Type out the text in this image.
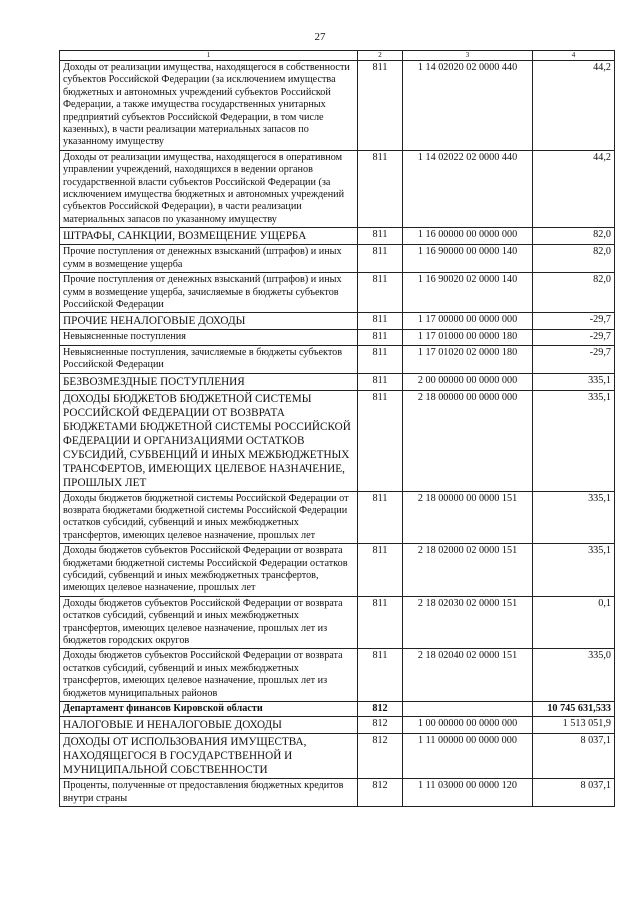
27
1	2	3	4
Доходы от реализации имущества, находящегося в собственности субъектов Российской Федерации (за исключением имущества бюджетных и автономных учреждений субъектов Российской Федерации, а также имущества государственных унитарных предприятий субъектов Российской Федерации, в том числе казенных), в части реализации материальных запасов по указанному имуществу	811	1 14 02020 02 0000 440	44,2
Доходы от реализации имущества, находящегося в оперативном управлении учреждений, находящихся в ведении органов государственной власти субъектов Российской Федерации (за исключением имущества бюджетных и автономных учреждений субъектов Российской Федерации), в части реализации материальных запасов по указанному имуществу	811	1 14 02022 02 0000 440	44,2
ШТРАФЫ, САНКЦИИ, ВОЗМЕЩЕНИЕ УЩЕРБА	811	1 16 00000 00 0000 000	82,0
Прочие поступления от денежных взысканий (штрафов) и иных сумм в возмещение ущерба	811	1 16 90000 00 0000 140	82,0
Прочие поступления от денежных взысканий (штрафов) и иных сумм в возмещение ущерба, зачисляемые в бюджеты субъектов Российской Федерации	811	1 16 90020 02 0000 140	82,0
ПРОЧИЕ НЕНАЛОГОВЫЕ ДОХОДЫ	811	1 17 00000 00 0000 000	-29,7
Невыясненные поступления	811	1 17 01000 00 0000 180	-29,7
Невыясненные поступления, зачисляемые в бюджеты субъектов Российской Федерации	811	1 17 01020 02 0000 180	-29,7
БЕЗВОЗМЕЗДНЫЕ ПОСТУПЛЕНИЯ	811	2 00 00000 00 0000 000	335,1
ДОХОДЫ БЮДЖЕТОВ БЮДЖЕТНОЙ СИСТЕМЫ РОССИЙСКОЙ ФЕДЕРАЦИИ ОТ ВОЗВРАТА БЮДЖЕТАМИ БЮДЖЕТНОЙ СИСТЕМЫ РОССИЙСКОЙ ФЕДЕРАЦИИ И ОРГАНИЗАЦИЯМИ ОСТАТКОВ СУБСИДИЙ, СУБВЕНЦИЙ И ИНЫХ МЕЖБЮДЖЕТНЫХ ТРАНСФЕРТОВ, ИМЕЮЩИХ ЦЕЛЕВОЕ НАЗНАЧЕНИЕ, ПРОШЛЫХ ЛЕТ	811	2 18 00000 00 0000 000	335,1
Доходы бюджетов бюджетной системы Российской Федерации от возврата бюджетами бюджетной системы Российской Федерации остатков субсидий, субвенций и иных межбюджетных трансфертов, имеющих целевое назначение, прошлых лет	811	2 18 00000 00 0000 151	335,1
Доходы бюджетов субъектов Российской Федерации от возврата бюджетами бюджетной системы Российской Федерации остатков субсидий, субвенций и иных межбюджетных трансфертов, имеющих целевое назначение, прошлых лет	811	2 18 02000 02 0000 151	335,1
Доходы бюджетов субъектов Российской Федерации от возврата остатков субсидий, субвенций и иных межбюджетных трансфертов, имеющих целевое назначение, прошлых лет из бюджетов городских округов	811	2 18 02030 02 0000 151	0,1
Доходы бюджетов субъектов Российской Федерации от возврата остатков субсидий, субвенций и иных межбюджетных трансфертов, имеющих целевое назначение, прошлых лет из бюджетов муниципальных районов	811	2 18 02040 02 0000 151	335,0
Департамент финансов Кировской области	812		10 745 631,533
НАЛОГОВЫЕ И НЕНАЛОГОВЫЕ ДОХОДЫ	812	1 00 00000 00 0000 000	1 513 051,9
ДОХОДЫ ОТ ИСПОЛЬЗОВАНИЯ ИМУЩЕСТВА, НАХОДЯЩЕГОСЯ В ГОСУДАРСТВЕННОЙ И МУНИЦИПАЛЬНОЙ СОБСТВЕННОСТИ	812	1 11 00000 00 0000 000	8 037,1
Проценты, полученные от предоставления бюджетных кредитов внутри страны	812	1 11 03000 00 0000 120	8 037,1
